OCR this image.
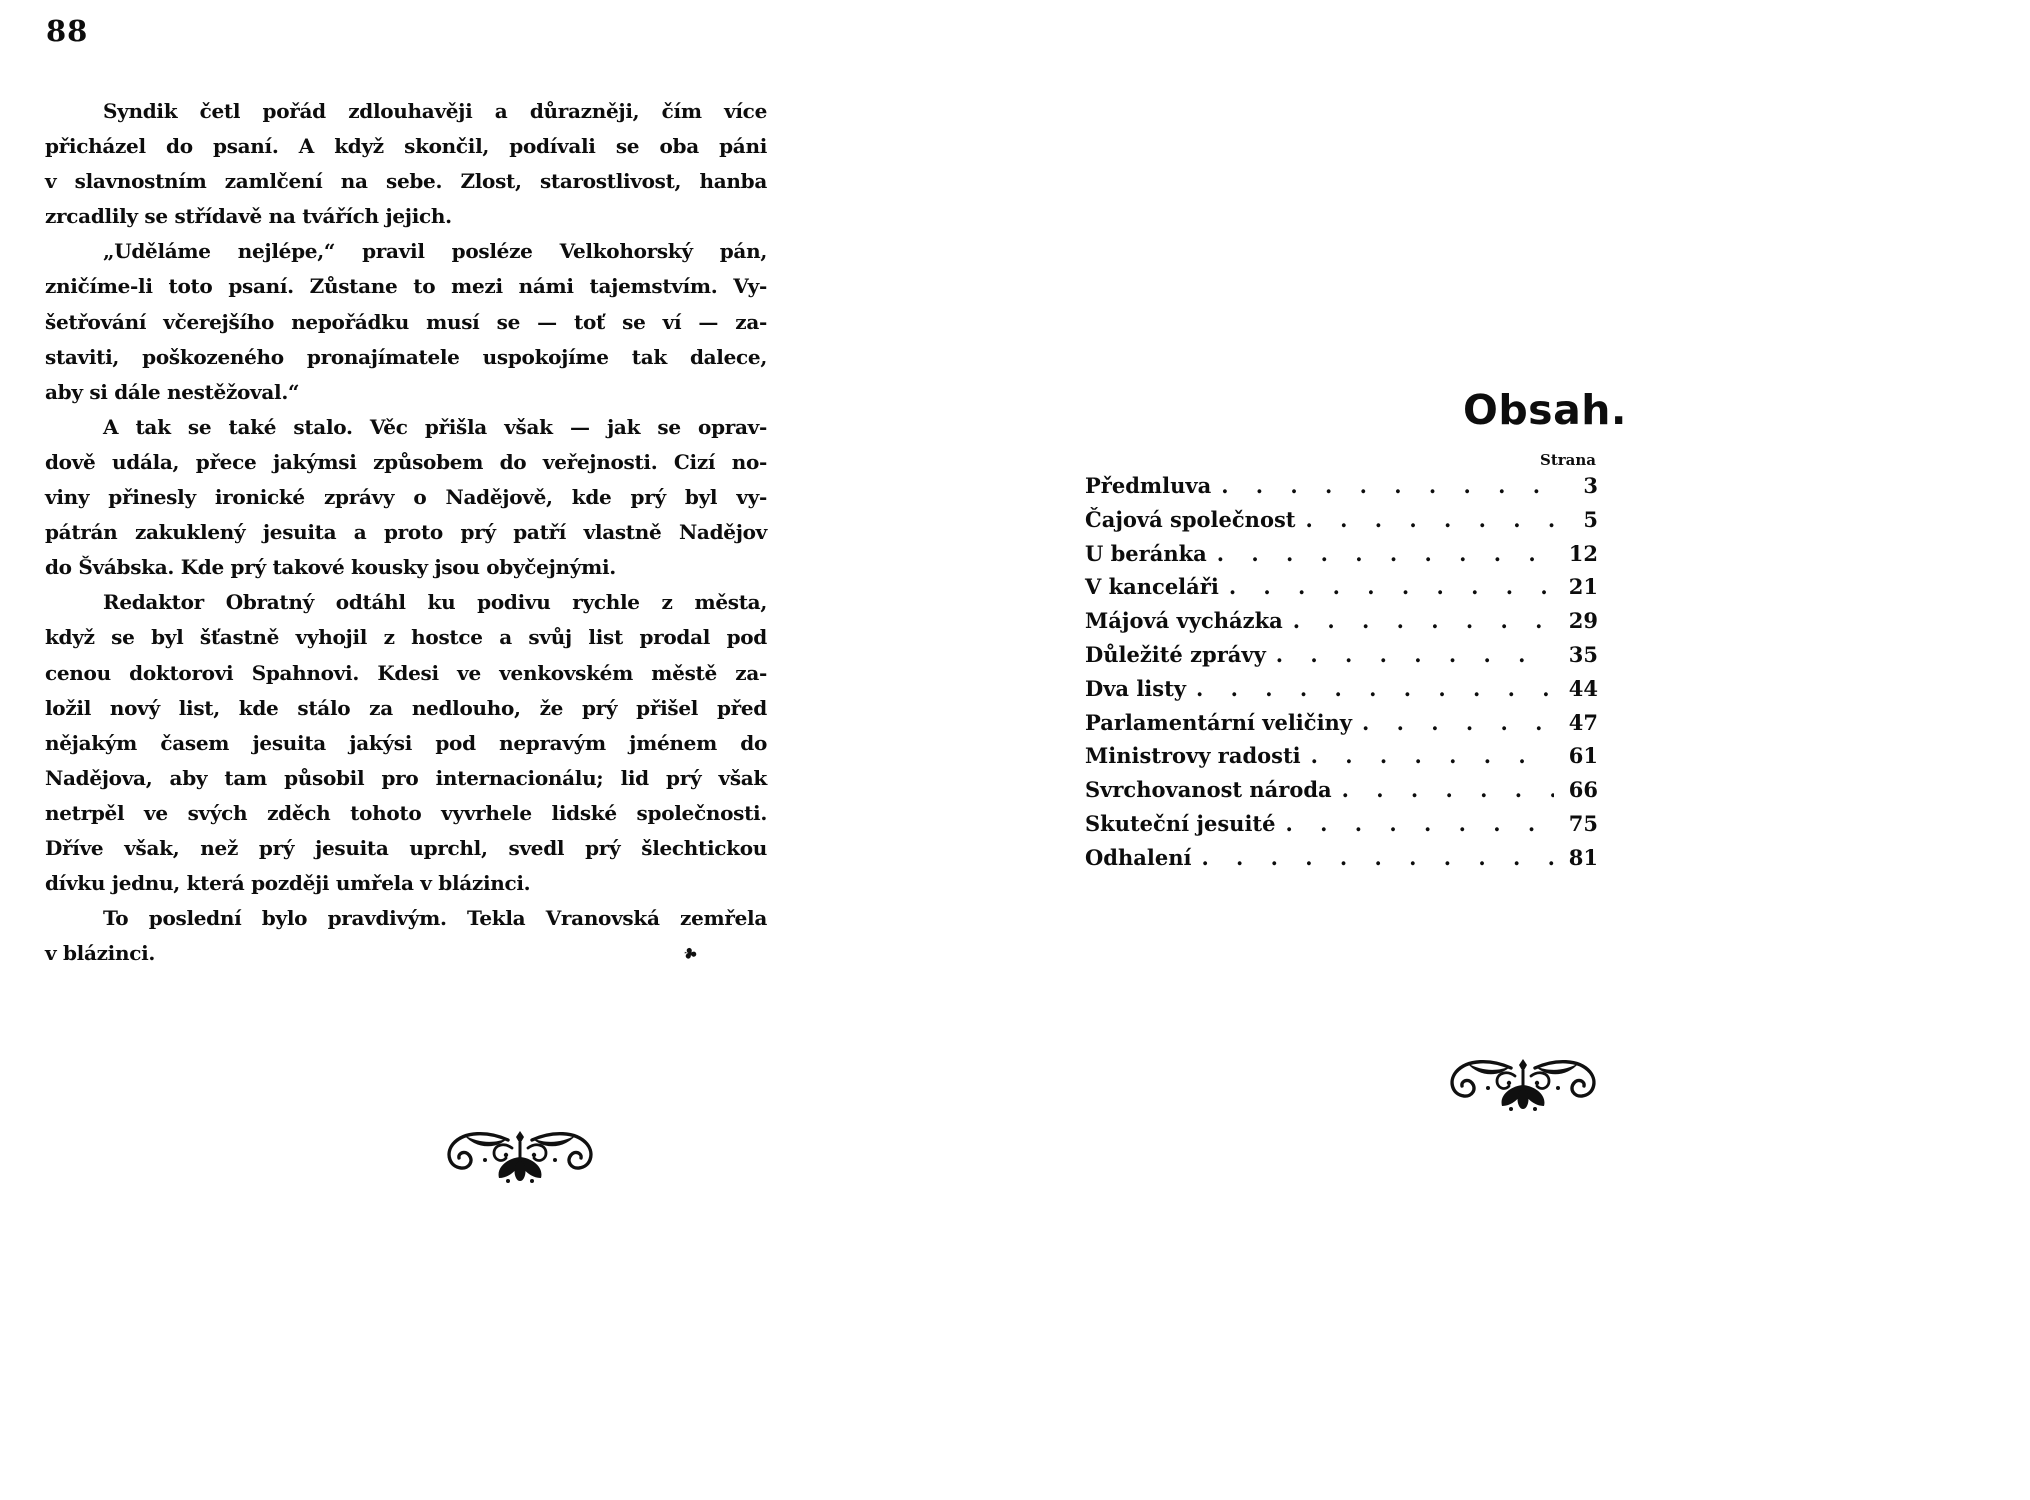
88
Syndik četl pořád zdlouhavěji a důrazněji, čím více
přicházel do psaní. A když skončil, podívali se oba páni
v slavnostním zamlčení na sebe. Zlost, starostlivost, hanba
zrcadlily se střídavě na tvářích jejich.
„Uděláme nejlépe,“ pravil posléze Velkohorský pán,
zničíme-li toto psaní. Zůstane to mezi námi tajemstvím. Vy-
šetřování včerejšího nepořádku musí se — toť se ví — za-
staviti, poškozeného pronajímatele uspokojíme tak dalece,
aby si dále nestěžoval.“
A tak se také stalo. Věc přišla však — jak se oprav-
dově udála, přece jakýmsi způsobem do veřejnosti. Cizí no-
viny přinesly ironické zprávy o Nadějově, kde prý byl vy-
pátrán zakuklený jesuita a proto prý patří vlastně Nadějov
do Švábska. Kde prý takové kousky jsou obyčejnými.
Redaktor Obratný odtáhl ku podivu rychle z města,
když se byl šťastně vyhojil z hostce a svůj list prodal pod
cenou doktorovi Spahnovi. Kdesi ve venkovském městě za-
ložil nový list, kde stálo za nedlouho, že prý přišel před
nějakým časem jesuita jakýsi pod nepravým jménem do
Nadějova, aby tam působil pro internacionálu; lid prý však
netrpěl ve svých zděch tohoto vyvrhele lidské společnosti.
Dříve však, než prý jesuita uprchl, svedl prý šlechtickou
dívku jednu, která později umřela v blázinci.
To poslední bylo pravdivým. Tekla Vranovská zemřela
v blázinci.	♣
Obsah.
Strana
Předmluva . . .	3
Čajová společnost . . .	5
U beránka . . .	12
V kanceláři . . .	21
Májová vycházka . . .	29
Důležité zprávy . . .	35
Dva listy . . .	44
Parlamentární veličiny . . .	47
Ministrovy radosti . . .	61
Svrchovanost národa . . .	66
Skuteční jesuité . . .	75
Odhalení . . .	81
